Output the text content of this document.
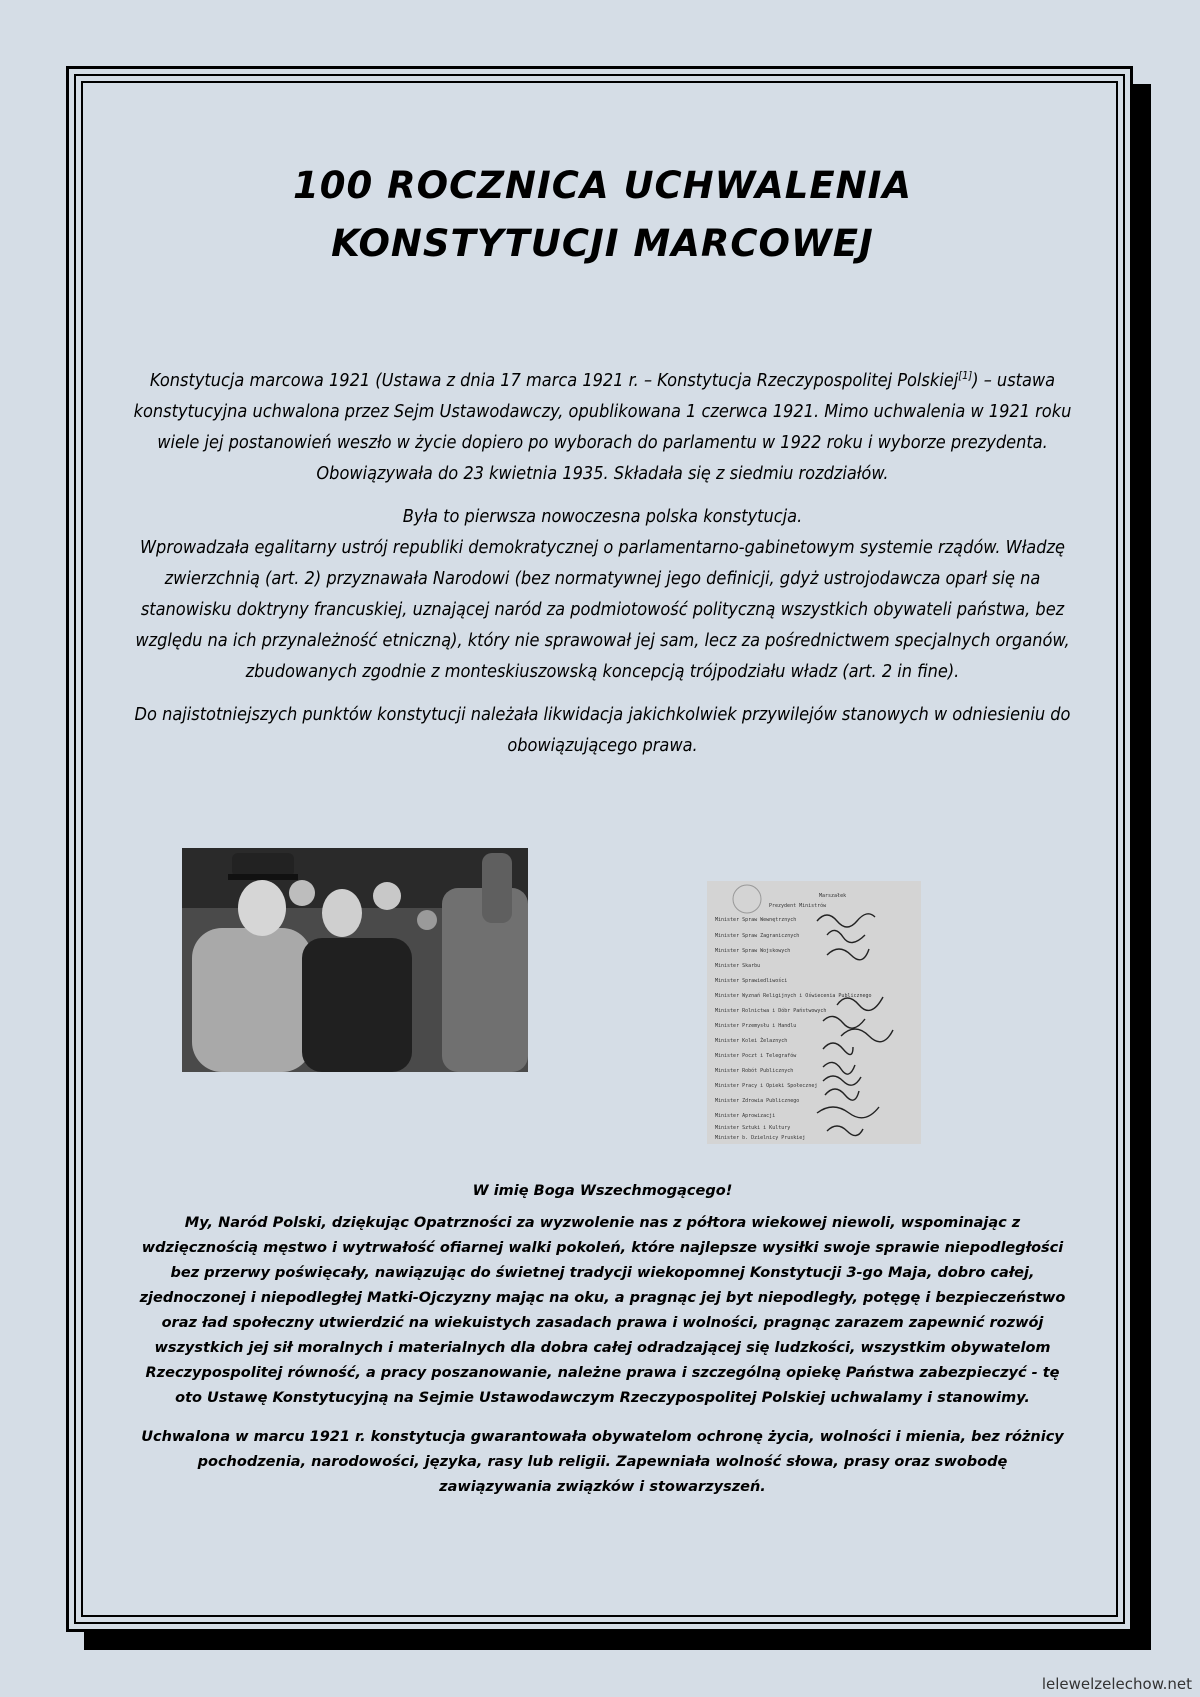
100 ROCZNICA UCHWALENIA KONSTYTUCJI MARCOWEJ

Konstytucja marcowa 1921 (Ustawa z dnia 17 marca 1921 r. – Konstytucja Rzeczypospolitej Polskiej[1]) – ustawa konstytucyjna uchwalona przez Sejm Ustawodawczy, opublikowana 1 czerwca 1921. Mimo uchwalenia w 1921 roku wiele jej postanowień weszło w życie dopiero po wyborach do parlamentu w 1922 roku i wyborze prezydenta. Obowiązywała do 23 kwietnia 1935. Składała się z siedmiu rozdziałów.

Była to pierwsza nowoczesna polska konstytucja.
Wprowadzała egalitarny ustrój republiki demokratycznej o parlamentarno-gabinetowym systemie rządów. Władzę zwierzchnią (art. 2) przyznawała Narodowi (bez normatywnej jego definicji, gdyż ustrojodawcza oparł się na stanowisku doktryny francuskiej, uznającej naród za podmiotowość polityczną wszystkich obywateli państwa, bez względu na ich przynależność etniczną), który nie sprawował jej sam, lecz za pośrednictwem specjalnych organów, zbudowanych zgodnie z monteskiuszowską koncepcją trójpodziału władz (art. 2 in fine).

Do najistotniejszych punktów konstytucji należała likwidacja jakichkolwiek przywilejów stanowych w odniesieniu do obowiązującego prawa.

Marszałek
Prezydent Ministrów
Minister Spraw Wewnętrznych
Minister Spraw Zagranicznych
Minister Spraw Wojskowych
Minister Skarbu
Minister Sprawiedliwości
Minister Wyznań Religijnych i Oświecenia Publicznego
Minister Rolnictwa i Dóbr Państwowych
Minister Przemysłu i Handlu
Minister Kolei Żelaznych
Minister Poczt i Telegrafów
Minister Robót Publicznych
Minister Pracy i Opieki Społecznej
Minister Zdrowia Publicznego
Minister Aprowizacji
Minister Sztuki i Kultury
Minister b. Dzielnicy Pruskiej

W imię Boga Wszechmogącego!

My, Naród Polski, dziękując Opatrzności za wyzwolenie nas z półtora wiekowej niewoli, wspominając z wdzięcznością męstwo i wytrwałość ofiarnej walki pokoleń, które najlepsze wysiłki swoje sprawie niepodległości bez przerwy poświęcały, nawiązując do świetnej tradycji wiekopomnej Konstytucji 3-go Maja, dobro całej, zjednoczonej i niepodległej Matki-Ojczyzny mając na oku, a pragnąc jej byt niepodległy, potęgę i bezpieczeństwo oraz ład społeczny utwierdzić na wiekuistych zasadach prawa i wolności, pragnąc zarazem zapewnić rozwój wszystkich jej sił moralnych i materialnych dla dobra całej odradzającej się ludzkości, wszystkim obywatelom Rzeczypospolitej równość, a pracy poszanowanie, należne prawa i szczególną opiekę Państwa zabezpieczyć - tę oto Ustawę Konstytucyjną na Sejmie Ustawodawczym Rzeczypospolitej Polskiej uchwalamy i stanowimy.

Uchwalona w marcu 1921 r. konstytucja gwarantowała obywatelom ochronę życia, wolności i mienia, bez różnicy pochodzenia, narodowości, języka, rasy lub religii. Zapewniała wolność słowa, prasy oraz swobodę zawiązywania związków i stowarzyszeń.

lelewelzelechow.net
